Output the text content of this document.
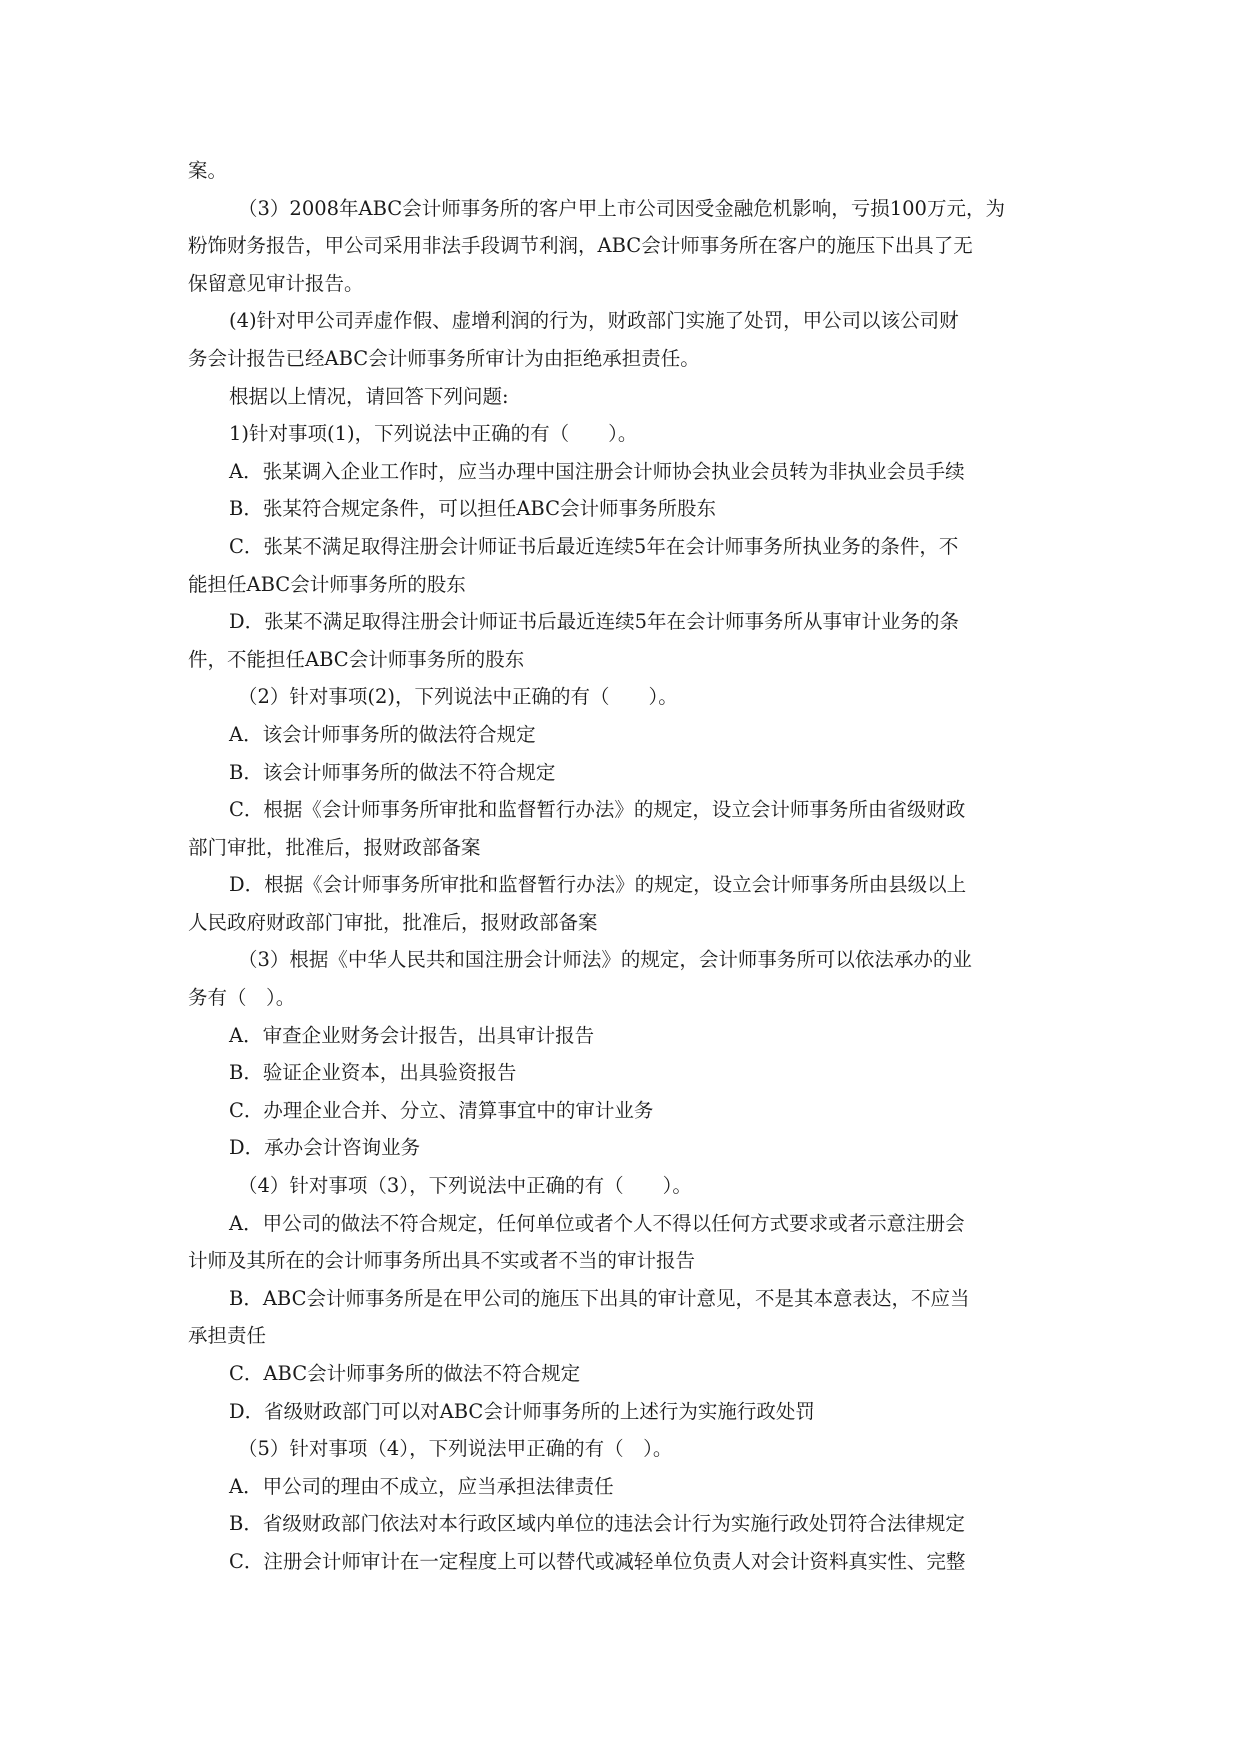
案。
（3）2008年ABC会计师事务所的客户甲上市公司因受金融危机影响，亏损100万元，为
粉饰财务报告，甲公司采用非法手段调节利润，ABC会计师事务所在客户的施压下出具了无
保留意见审计报告。
(4)针对甲公司弄虚作假、虚增利润的行为，财政部门实施了处罚，甲公司以该公司财
务会计报告已经ABC会计师事务所审计为由拒绝承担责任。
根据以上情况，请回答下列问题:
1)针对事项(1)，下列说法中正确的有（　　）。
A．张某调入企业工作时，应当办理中国注册会计师协会执业会员转为非执业会员手续
B．张某符合规定条件，可以担任ABC会计师事务所股东
C．张某不满足取得注册会计师证书后最近连续5年在会计师事务所执业务的条件，不
能担任ABC会计师事务所的股东
D．张某不满足取得注册会计师证书后最近连续5年在会计师事务所从事审计业务的条
件，不能担任ABC会计师事务所的股东
（2）针对事项(2)，下列说法中正确的有（　　）。
A．该会计师事务所的做法符合规定
B．该会计师事务所的做法不符合规定
C．根据《会计师事务所审批和监督暂行办法》的规定，设立会计师事务所由省级财政
部门审批，批准后，报财政部备案
D．根据《会计师事务所审批和监督暂行办法》的规定，设立会计师事务所由县级以上
人民政府财政部门审批，批准后，报财政部备案
（3）根据《中华人民共和国注册会计师法》的规定，会计师事务所可以依法承办的业
务有（　）。
A．审查企业财务会计报告，出具审计报告
B．验证企业资本，出具验资报告
C．办理企业合并、分立、清算事宜中的审计业务
D．承办会计咨询业务
（4）针对事项（3），下列说法中正确的有（　　）。
A．甲公司的做法不符合规定，任何单位或者个人不得以任何方式要求或者示意注册会
计师及其所在的会计师事务所出具不实或者不当的审计报告
B．ABC会计师事务所是在甲公司的施压下出具的审计意见，不是其本意表达，不应当
承担责任
C．ABC会计师事务所的做法不符合规定
D．省级财政部门可以对ABC会计师事务所的上述行为实施行政处罚
（5）针对事项（4），下列说法甲正确的有（　）。
A．甲公司的理由不成立，应当承担法律责任
B．省级财政部门依法对本行政区域内单位的违法会计行为实施行政处罚符合法律规定
C．注册会计师审计在一定程度上可以替代或减轻单位负责人对会计资料真实性、完整
